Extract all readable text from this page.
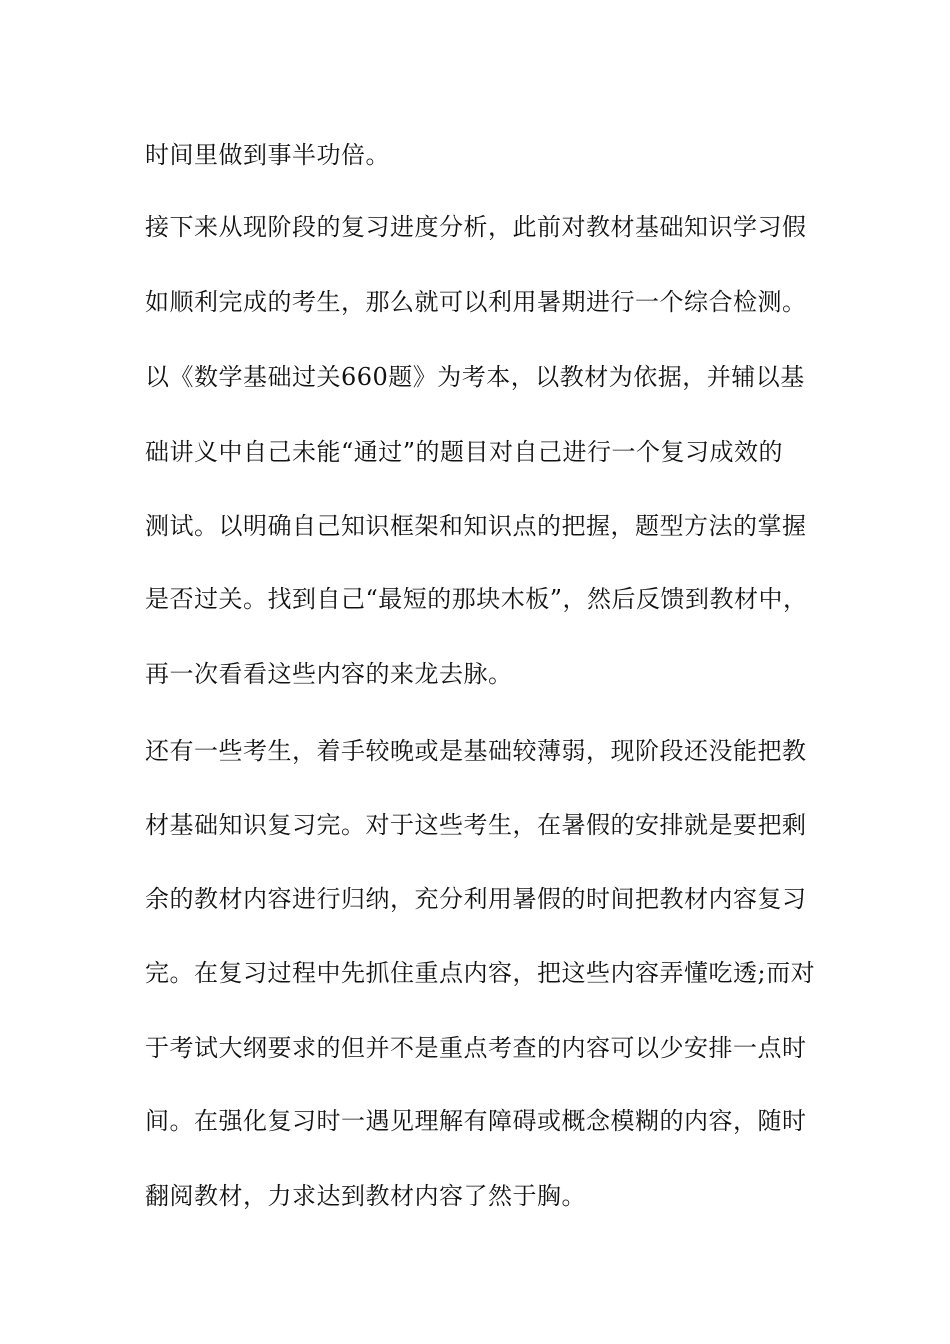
时间里做到事半功倍。

接下来从现阶段的复习进度分析，此前对教材基础知识学习假

如顺利完成的考生，那么就可以利用暑期进行一个综合检测。

以《数学基础过关660题》为考本，以教材为依据，并辅以基

础讲义中自己未能“通过”的题目对自己进行一个复习成效的

测试。以明确自己知识框架和知识点的把握，题型方法的掌握

是否过关。找到自己“最短的那块木板”，然后反馈到教材中，

再一次看看这些内容的来龙去脉。

还有一些考生，着手较晚或是基础较薄弱，现阶段还没能把教

材基础知识复习完。对于这些考生，在暑假的安排就是要把剩

余的教材内容进行归纳，充分利用暑假的时间把教材内容复习

完。在复习过程中先抓住重点内容，把这些内容弄懂吃透;而对

于考试大纲要求的但并不是重点考查的内容可以少安排一点时

间。在强化复习时一遇见理解有障碍或概念模糊的内容，随时

翻阅教材，力求达到教材内容了然于胸。
